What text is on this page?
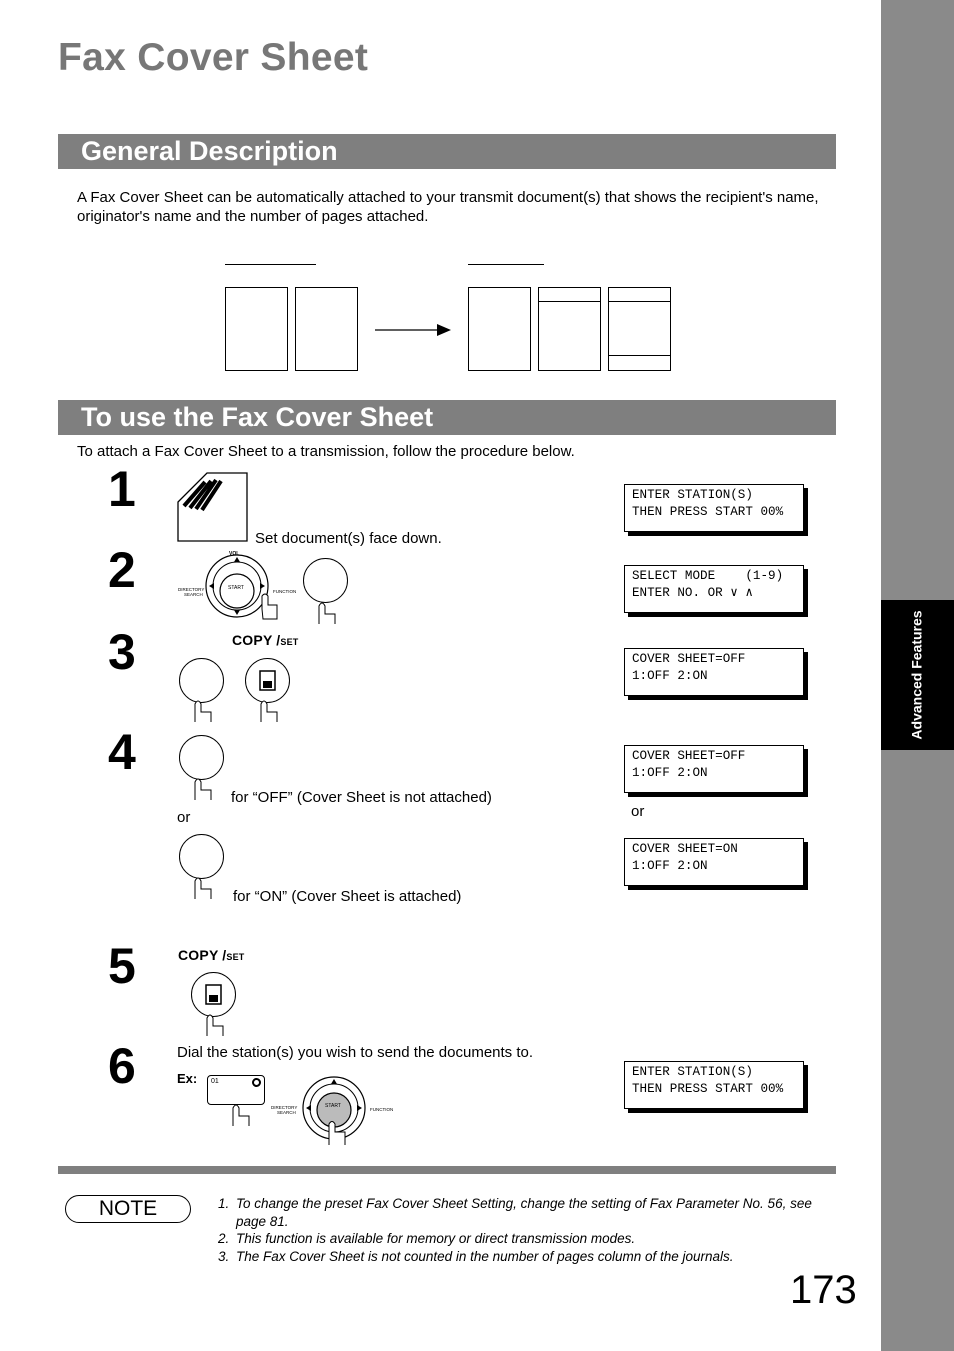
Advanced Features
Fax Cover Sheet
General Description
A Fax Cover Sheet can be automatically attached to your transmit document(s) that shows the recipient's name, originator's name and the number of pages attached.
To use the Fax Cover Sheet
To attach a Fax Cover Sheet to a transmission, follow the procedure below.
1
Set document(s) face down.
ENTER STATION(S)
THEN PRESS START 00%
2	VOL
START
DIRECTORY
SEARCH
FUNCTION
SELECT MODE    (1-9)
ENTER NO. OR ∨ ∧
3	COPY /SET
COVER SHEET=OFF
1:OFF 2:ON
4
for “OFF” (Cover Sheet is not attached)
or
for “ON” (Cover Sheet is attached)
COVER SHEET=OFF
1:OFF 2:ON
or
COVER SHEET=ON
1:OFF 2:ON
5	COPY /SET
6	Dial the station(s) you wish to send the documents to.
Ex: 01
START
DIRECTORY
SEARCH
FUNCTION
ENTER STATION(S)
THEN PRESS START 00%
NOTE	1. To change the preset Fax Cover Sheet Setting, change the setting of Fax Parameter No. 56, see page 81.
2. This function is available for memory or direct transmission modes.
3. The Fax Cover Sheet is not counted in the number of pages column of the journals.
173
